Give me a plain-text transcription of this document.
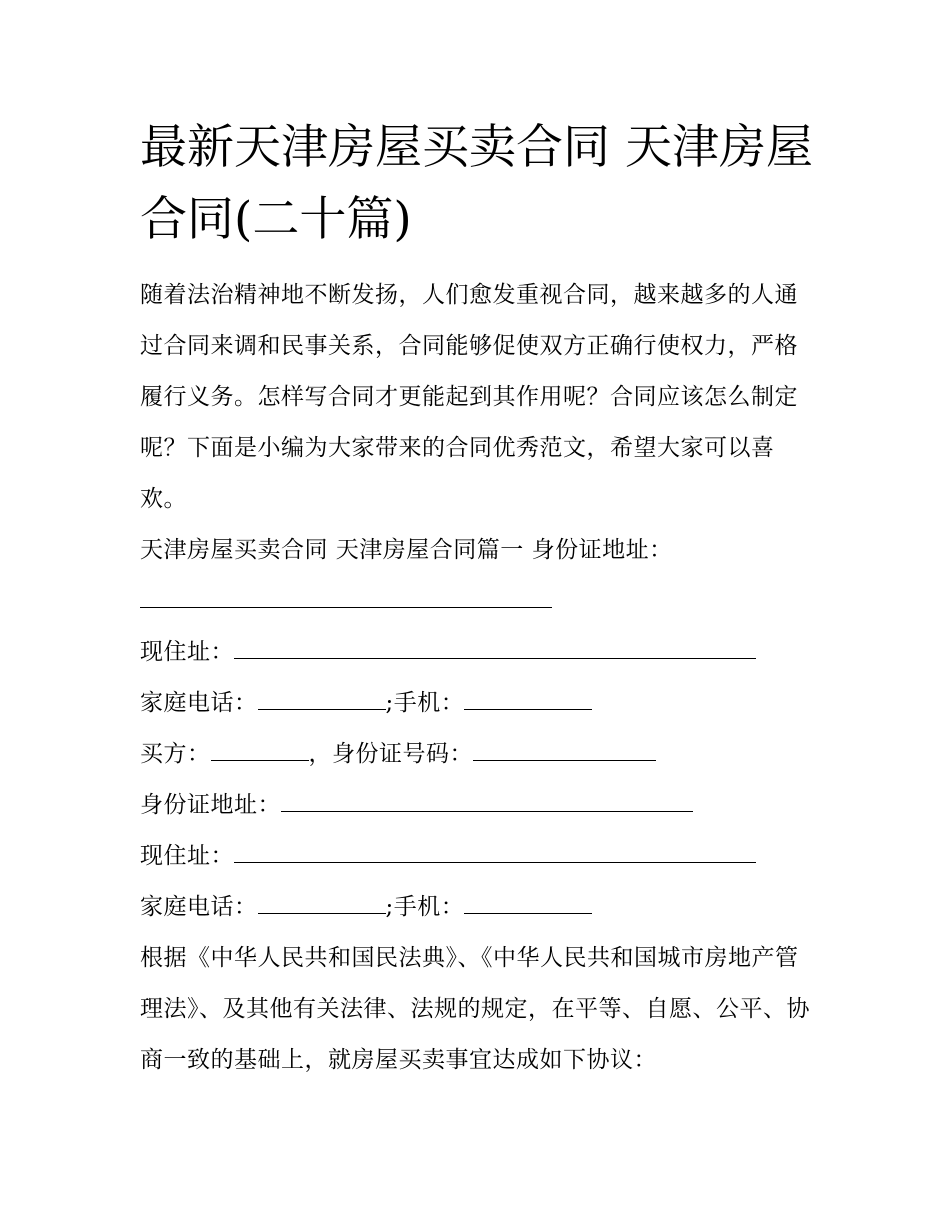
最新天津房屋买卖合同 天津房屋合同(二十篇)

随着法治精神地不断发扬，人们愈发重视合同，越来越多的人通过合同来调和民事关系，合同能够促使双方正确行使权力，严格履行义务。怎样写合同才更能起到其作用呢？合同应该怎么制定呢？下面是小编为大家带来的合同优秀范文，希望大家可以喜欢。

天津房屋买卖合同 天津房屋合同篇一 身份证地址：

现住址：

家庭电话：	;手机：

买方：	，身份证号码：

身份证地址：

现住址：

家庭电话：	;手机：

根据《中华人民共和国民法典》、《中华人民共和国城市房地产管理法》、及其他有关法律、法规的规定，在平等、自愿、公平、协商一致的基础上，就房屋买卖事宜达成如下协议：
